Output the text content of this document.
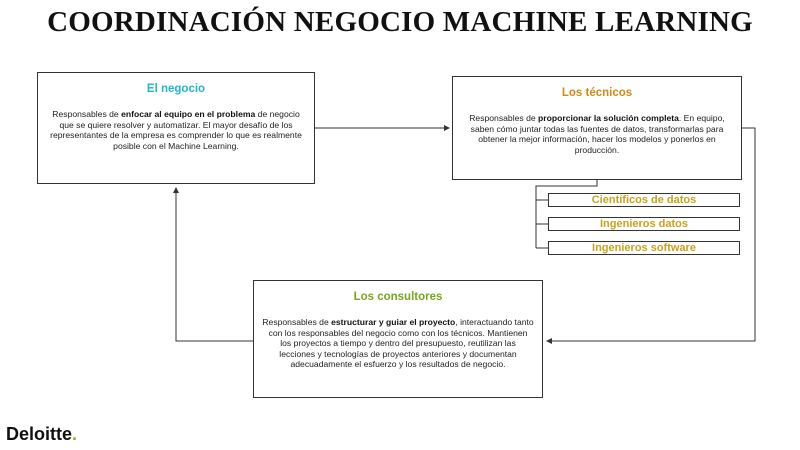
COORDINACIÓN NEGOCIO MACHINE LEARNING
El negocio
Responsables de enfocar al equipo en el problema de negocio que se quiere resolver y automatizar. El mayor desafío de los representantes de la empresa es comprender lo que es realmente posible con el Machine Learning.
Los técnicos
Responsables de proporcionar la solución completa. En equipo, saben cómo juntar todas las fuentes de datos, transformarlas para obtener la mejor información, hacer los modelos y ponerlos en producción.
Científicos de datos
Ingenieros datos
Ingenieros software
Los consultores
Responsables de estructurar y guiar el proyecto, interactuando tanto con los responsables del negocio como con los técnicos. Mantienen los proyectos a tiempo y dentro del presupuesto, reutilizan las lecciones y tecnologías de proyectos anteriores y documentan adecuadamente el esfuerzo y los resultados de negocio.
Deloitte.
